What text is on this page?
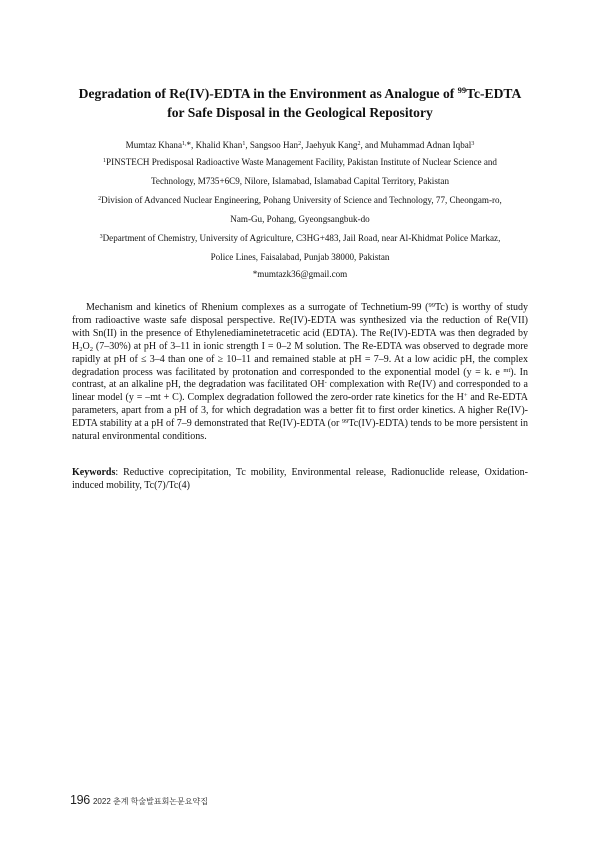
Degradation of Re(IV)-EDTA in the Environment as Analogue of $^{99}$Tc-EDTA for Safe Disposal in the Geological Repository
Mumtaz Khana$^{1,}$*, Khalid Khan$^1$, Sangsoo Han$^2$, Jaehyuk Kang$^2$, and Muhammad Adnan Iqbal$^3$
$^1$PINSTECH Predisposal Radioactive Waste Management Facility, Pakistan Institute of Nuclear Science and
Technology, M735+6C9, Nilore, Islamabad, Islamabad Capital Territory, Pakistan
$^2$Division of Advanced Nuclear Engineering, Pohang University of Science and Technology, 77, Cheongam-ro,
Nam-Gu, Pohang, Gyeongsangbuk-do
$^3$Department of Chemistry, University of Agriculture, C3HG+483, Jail Road, near Al-Khidmat Police Markaz,
Police Lines, Faisalabad, Punjab 38000, Pakistan
*mumtazk36@gmail.com
Mechanism and kinetics of Rhenium complexes as a surrogate of Technetium-99 ($^{99}$Tc) is worthy of study from radioactive waste safe disposal perspective. Re(IV)-EDTA was synthesized via the reduction of Re(VII) with Sn(II) in the presence of Ethylenediaminetetracetic acid (EDTA). The Re(IV)-EDTA was then degraded by $H_2O_2$ (7–30%) at pH of 3–11 in ionic strength I = 0–2 M solution. The Re-EDTA was observed to degrade more rapidly at pH of ≤ 3–4 than one of ≥ 10–11 and remained stable at pH = 7–9. At a low acidic pH, the complex degradation process was facilitated by protonation and corresponded to the exponential model (y = k. e $^{mt}$). In contrast, at an alkaline pH, the degradation was facilitated OH- complexation with Re(IV) and corresponded to a linear model (y = –mt + C). Complex degradation followed the zero-order rate kinetics for the H+ and Re-EDTA parameters, apart from a pH of 3, for which degradation was a better fit to first order kinetics. A higher Re(IV)-EDTA stability at a pH of 7–9 demonstrated that Re(IV)-EDTA (or $^{99}$Tc(IV)-EDTA) tends to be more persistent in natural environmental conditions.
Keywords: Reductive coprecipitation, Tc mobility, Environmental release, Radionuclide release, Oxidation-induced mobility, Tc(7)/Tc(4)
196 2022 춘계 학술발표회논문요약집
